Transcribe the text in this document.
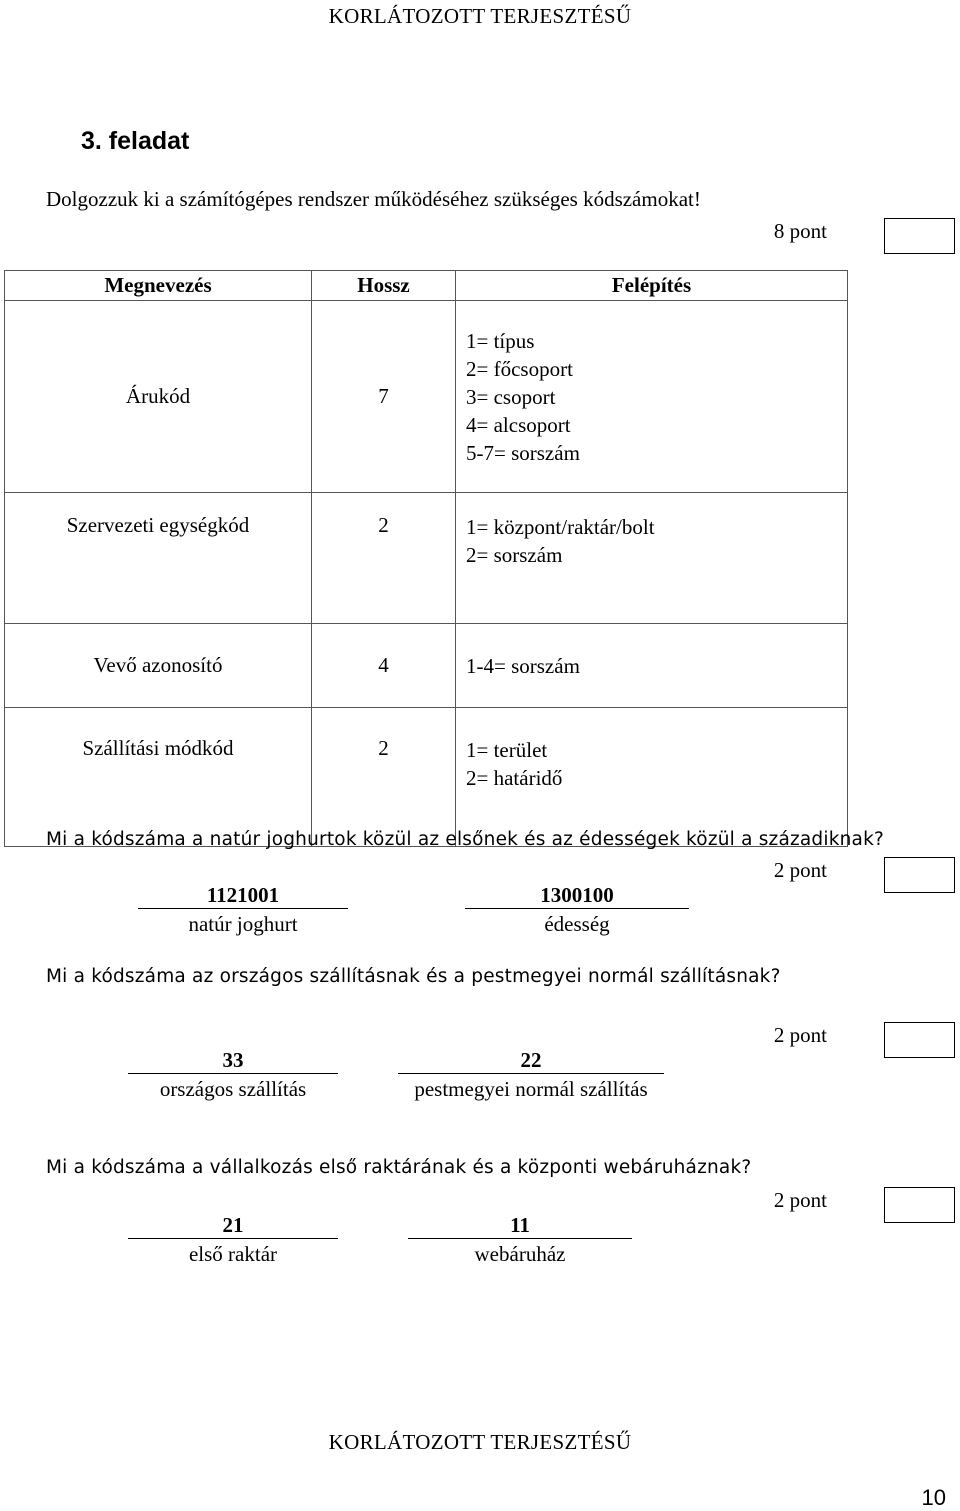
KORLÁTOZOTT TERJESZTÉSŰ
3. feladat
Dolgozzuk ki a számítógépes rendszer működéséhez szükséges kódszámokat!
8 pont
Megnevezés	Hossz	Felépítés
Árukód	7	1= típus
2= főcsoport
3= csoport
4= alcsoport
5-7= sorszám

Szervezeti egységkód	2	1= központ/raktár/bolt
2= sorszám

Vevő azonosító	4	1-4= sorszám

Szállítási módkód	2	1= terület
2= határidő
Mi a kódszáma a natúr joghurtok közül az elsőnek és az édességek közül a századiknak?
2 pont
1121001
natúr joghurt
1300100
édesség
Mi a kódszáma az országos szállításnak és a pestmegyei normál szállításnak?
2 pont
33
országos szállítás
22
pestmegyei normál szállítás
Mi a kódszáma a vállalkozás első raktárának és a központi webáruháznak?
2 pont
21
első raktár
11
webáruház
KORLÁTOZOTT TERJESZTÉSŰ
10
